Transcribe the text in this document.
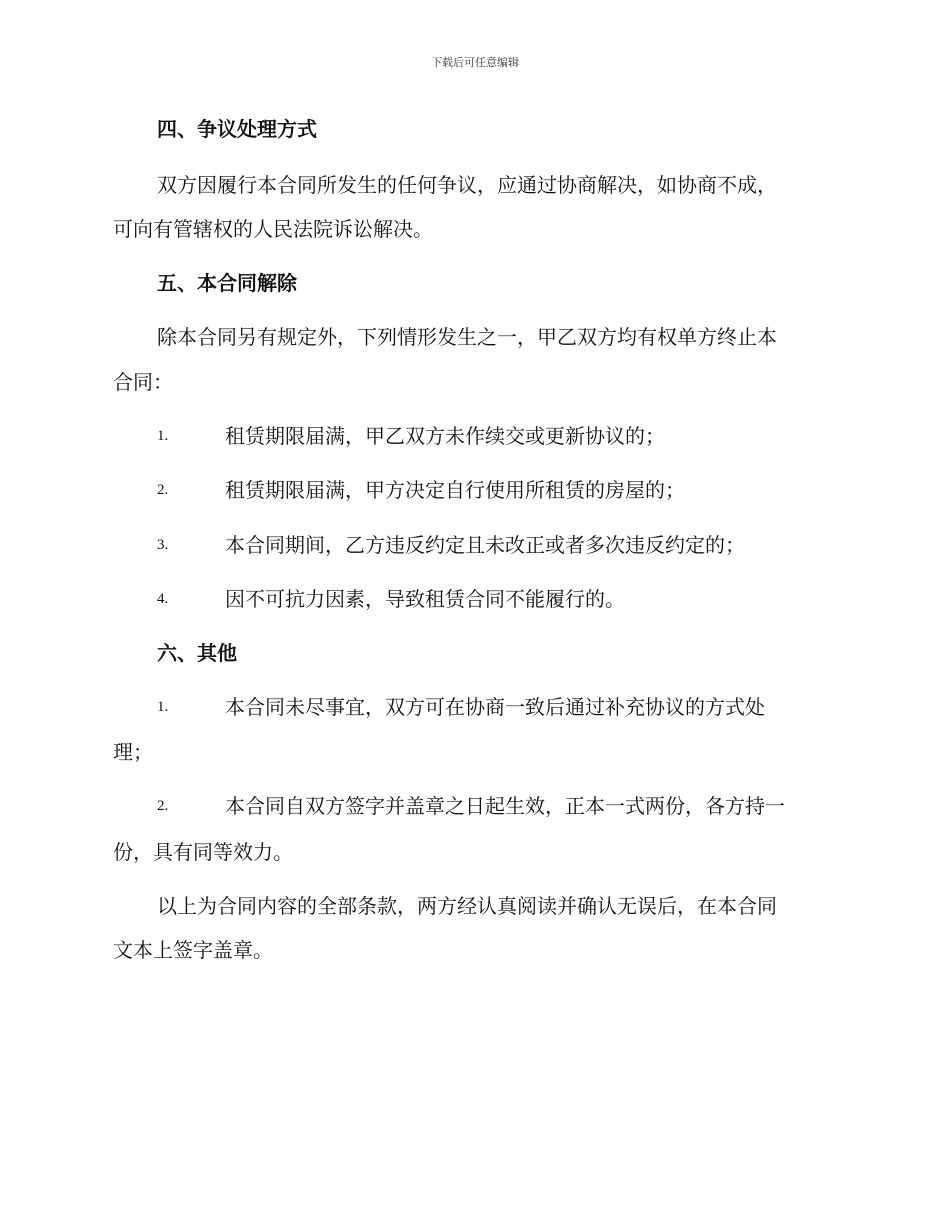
下载后可任意编辑
四、争议处理方式
双方因履行本合同所发生的任何争议，应通过协商解决，如协商不成，
可向有管辖权的人民法院诉讼解决。
五、本合同解除
除本合同另有规定外，下列情形发生之一，甲乙双方均有权单方终止本
合同：
1.	租赁期限届满，甲乙双方未作续交或更新协议的；
2.	租赁期限届满，甲方决定自行使用所租赁的房屋的；
3.	本合同期间，乙方违反约定且未改正或者多次违反约定的；
4.	因不可抗力因素，导致租赁合同不能履行的。
六、其他
1.	本合同未尽事宜，双方可在协商一致后通过补充协议的方式处
理；
2.	本合同自双方签字并盖章之日起生效，正本一式两份，各方持一
份，具有同等效力。
以上为合同内容的全部条款，两方经认真阅读并确认无误后，在本合同
文本上签字盖章。
